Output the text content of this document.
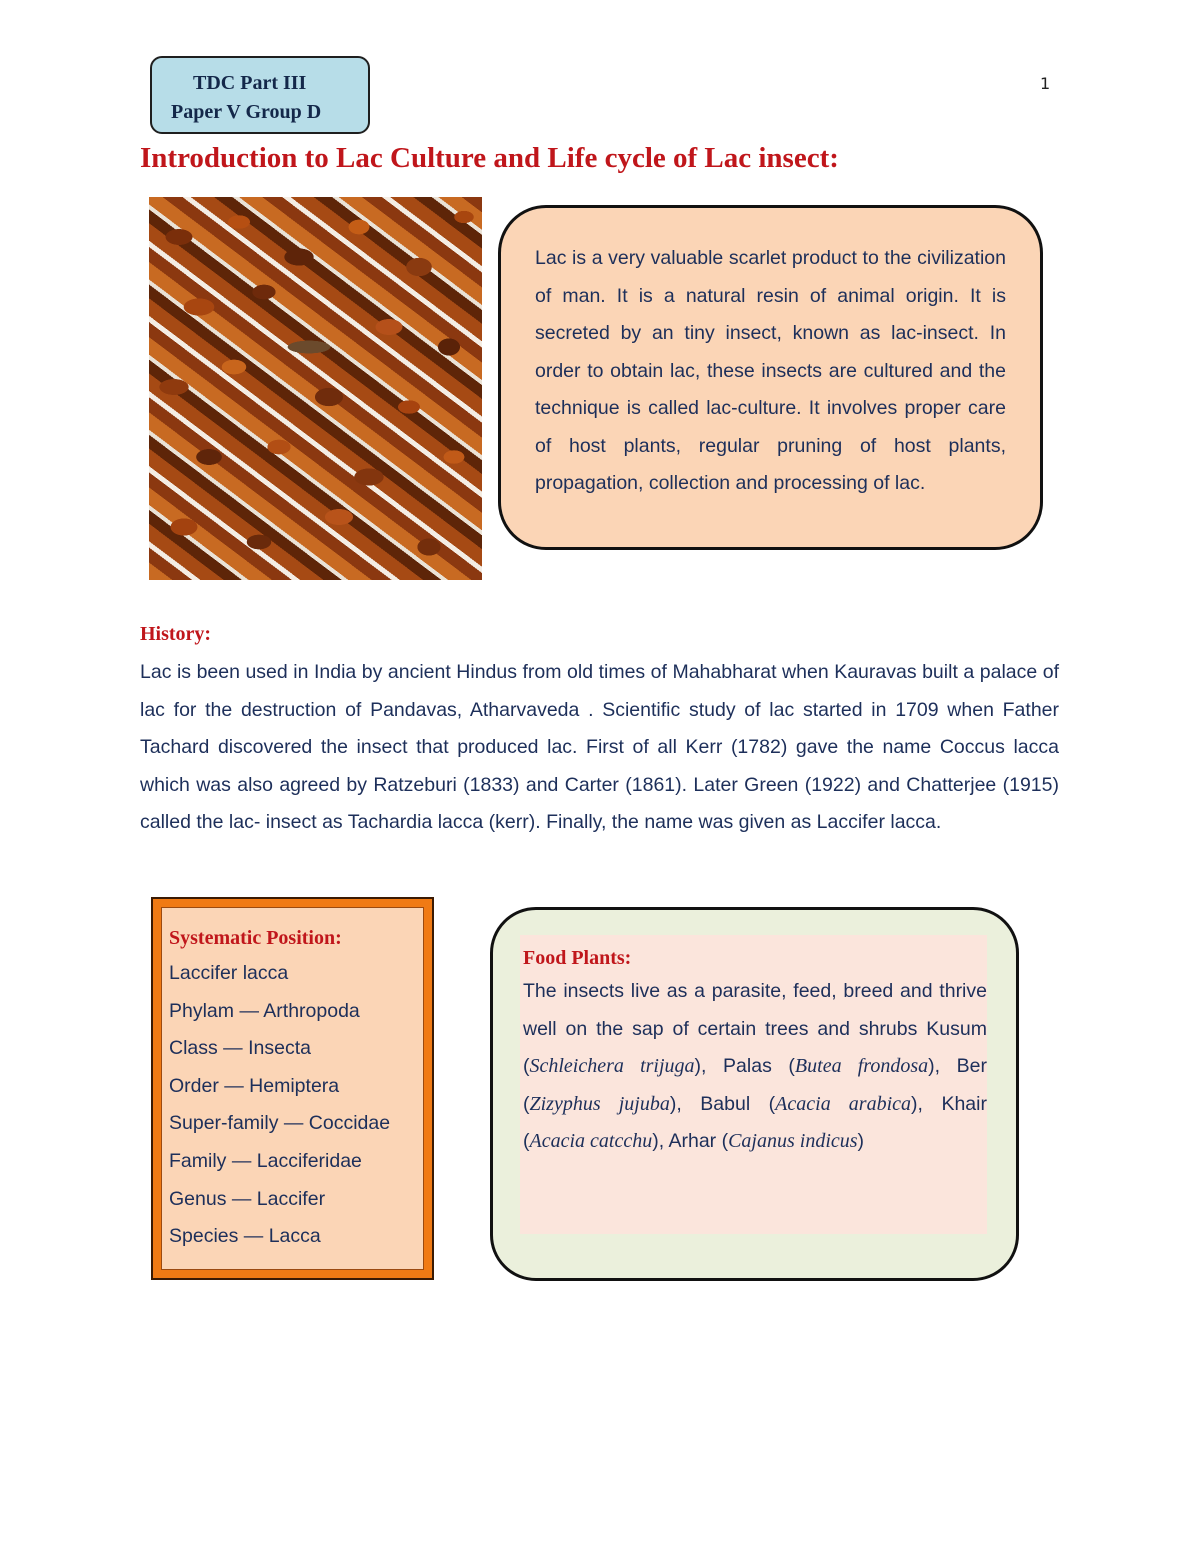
TDC Part III
Paper V Group D
1
Introduction to Lac Culture and Life cycle of Lac insect:
Lac is a very valuable scarlet product to the civilization of man. It is a natural resin of animal origin. It is secreted by an tiny insect, known as lac-insect. In order to obtain lac, these insects are cultured and the technique is called lac-culture. It involves proper care of host plants, regular pruning of host plants, propagation, collection and processing of lac.
History:

Lac is been used in India by ancient Hindus from old times of Mahabharat when Kauravas built a palace of lac for the destruction of Pandavas, Atharvaveda . Scientific study of lac started in 1709 when Father Tachard discovered the insect that produced lac. First of all Kerr (1782) gave the name Coccus lacca which was also agreed by Ratzeburi (1833) and Carter (1861). Later Green (1922) and Chatterjee (1915) called the lac- insect as Tachardia lacca (kerr). Finally, the name was given as Laccifer lacca.

Systematic Position:
Laccifer lacca
Phylam — Arthropoda
Class — Insecta
Order — Hemiptera
Super-family — Coccidae
Family — Lacciferidae
Genus — Laccifer
Species — Lacca
Food Plants:

The insects live as a parasite, feed, breed and thrive well on the sap of certain trees and shrubs Kusum (Schleichera trijuga), Palas (Butea frondosa), Ber (Zizyphus jujuba), Babul (Acacia arabica), Khair (Acacia catcchu), Arhar (Cajanus indicus)
